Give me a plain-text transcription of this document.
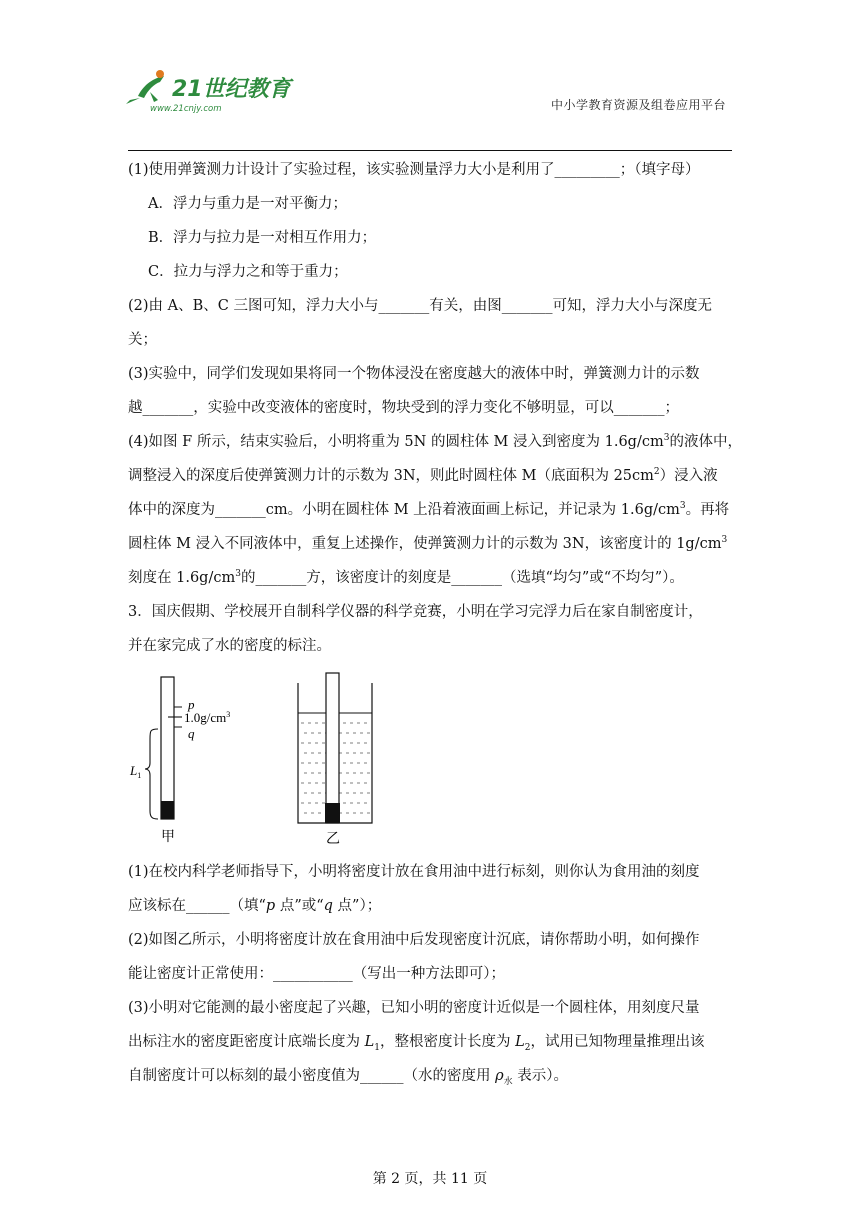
21世纪教育
www.21cnjy.com	中小学教育资源及组卷应用平台

(1)使用弹簧测力计设计了实验过程，该实验测量浮力大小是利用了_________；（填字母）

A．浮力与重力是一对平衡力；

B．浮力与拉力是一对相互作用力；

C．拉力与浮力之和等于重力；

(2)由 A、B、C 三图可知，浮力大小与_______有关，由图_______可知，浮力大小与深度无

关；

(3)实验中，同学们发现如果将同一个物体浸没在密度越大的液体中时，弹簧测力计的示数

越_______，实验中改变液体的密度时，物块受到的浮力变化不够明显，可以_______；

(4)如图 F 所示，结束实验后，小明将重为 5N 的圆柱体 M 浸入到密度为 $1.6g/cm^3$的液体中，

调整浸入的深度后使弹簧测力计的示数为 3N，则此时圆柱体 M（底面积为 $25cm^2$）浸入液

体中的深度为_______cm。小明在圆柱体 M 上沿着液面画上标记，并记录为 $1.6g/cm^3$。再将

圆柱体 M 浸入不同液体中，重复上述操作，使弹簧测力计的示数为 3N，该密度计的 $1g/cm^3$

刻度在 $1.6g/cm^3$的_______方，该密度计的刻度是_______（选填“均匀”或“不均匀”）。

3．国庆假期、学校展开自制科学仪器的科学竞赛，小明在学习完浮力后在家自制密度计，

并在家完成了水的密度的标注。

p
$1.0g/cm^3$
q
$L_1$
甲	乙

(1)在校内科学老师指导下，小明将密度计放在食用油中进行标刻，则你认为食用油的刻度

应该标在______（填“p 点”或“q 点”）；

(2)如图乙所示，小明将密度计放在食用油中后发现密度计沉底，请你帮助小明，如何操作

能让密度计正常使用：___________（写出一种方法即可）；

(3)小明对它能测的最小密度起了兴趣，已知小明的密度计近似是一个圆柱体，用刻度尺量

出标注水的密度距密度计底端长度为 $L_1$，整根密度计长度为 $L_2$，试用已知物理量推理出该

自制密度计可以标刻的最小密度值为______（水的密度用 $\rho_水$ 表示）。

第 2 页，共 11 页
